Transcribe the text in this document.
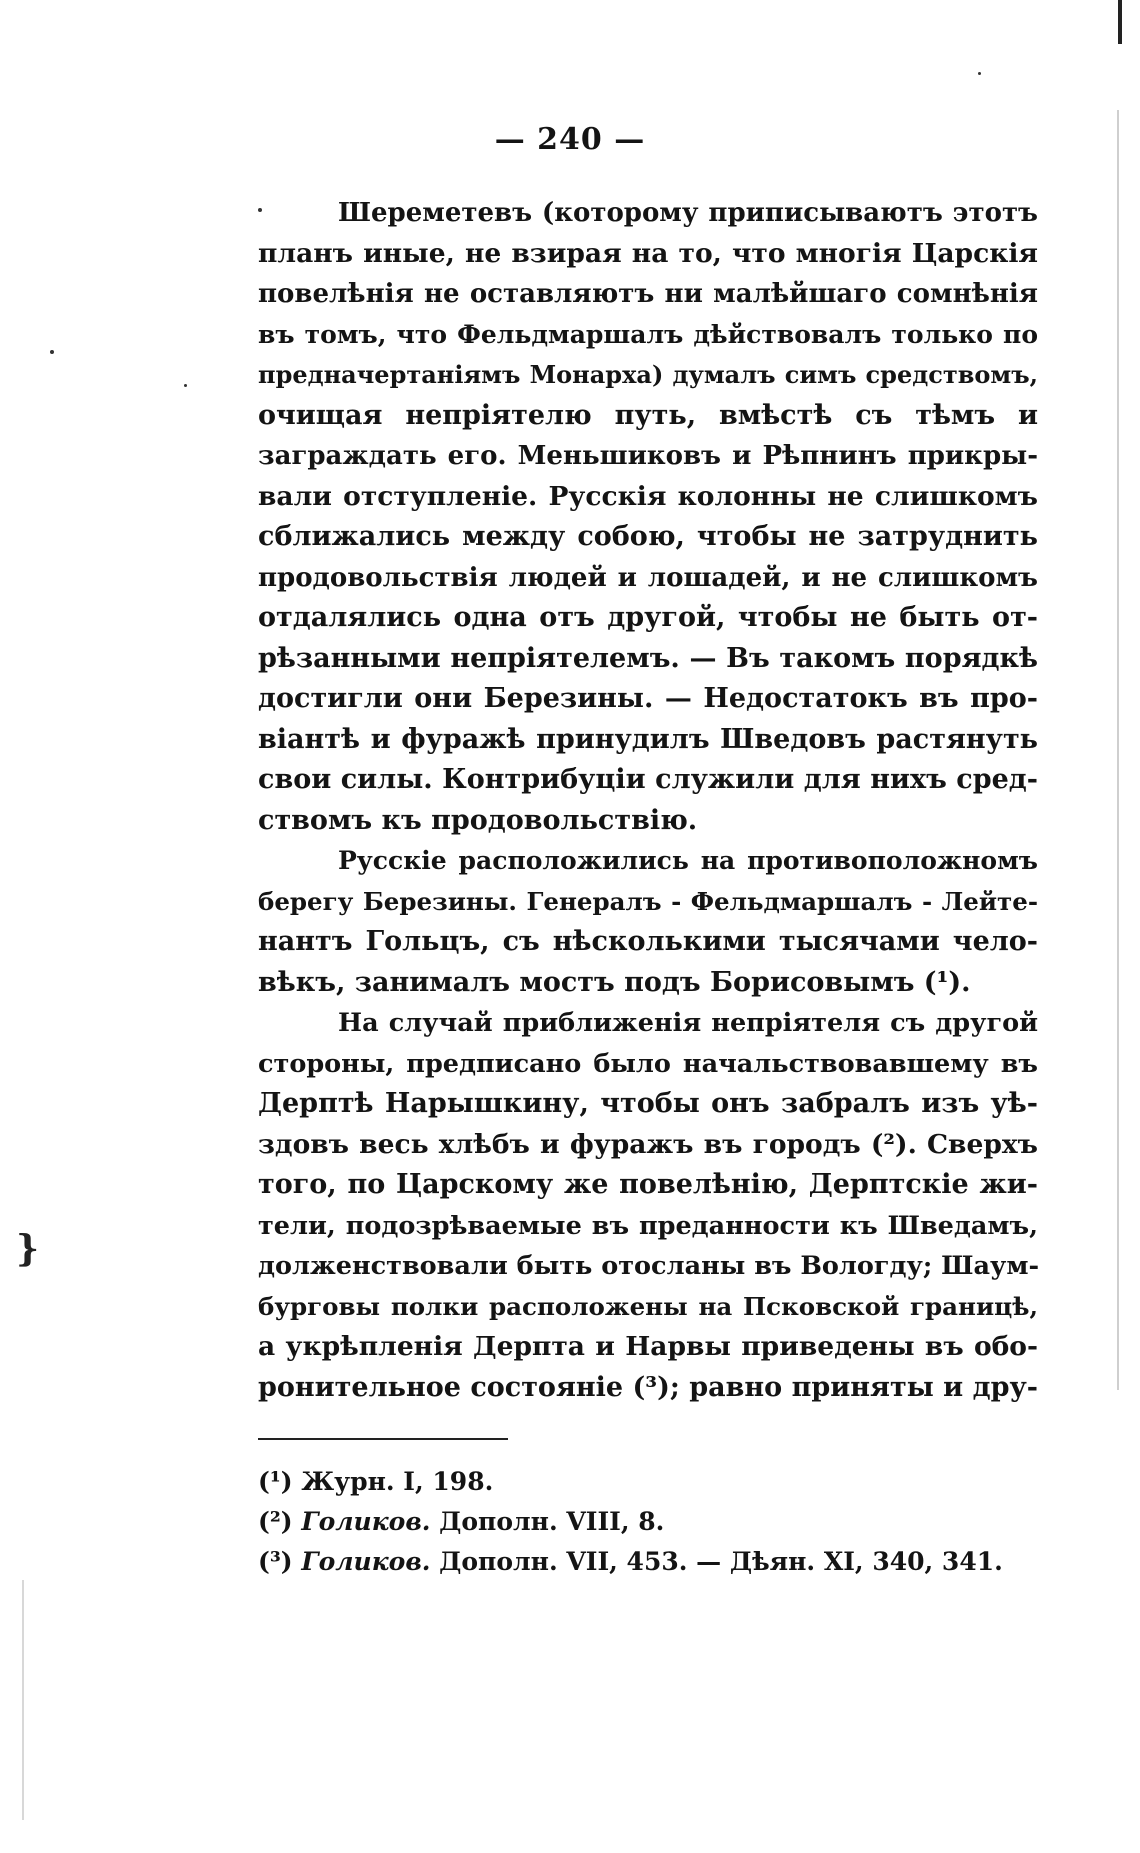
}
— 240 —
Шереметевъ (которому приписываютъ этотъ
планъ иные, не взирая на то, что многія Царскія
повелѣнія не оставляютъ ни малѣйшаго сомнѣнія
въ томъ, что Фельдмаршалъ дѣйствовалъ только по
предначертаніямъ Монарха) думалъ симъ средствомъ,
очищая непріятелю путь, вмѣстѣ съ тѣмъ и
заграждать его. Меньшиковъ и Рѣпнинъ прикры-
вали отступленіе. Русскія колонны не слишкомъ
сближались между собою, чтобы не затруднить
продовольствія людей и лошадей, и не слишкомъ
отдалялись одна отъ другой, чтобы не быть от-
рѣзанными непріятелемъ. — Въ такомъ порядкѣ
достигли они Березины. — Недостатокъ въ про-
віантѣ и фуражѣ принудилъ Шведовъ растянуть
свои силы. Контрибуціи служили для нихъ сред-
ствомъ къ продовольствію.
Русскіе расположились на противоположномъ
берегу Березины. Генералъ - Фельдмаршалъ - Лейте-
нантъ Гольцъ, съ нѣсколькими тысячами чело-
вѣкъ, занималъ мостъ подъ Борисовымъ (¹).
На случай приближенія непріятеля съ другой
стороны, предписано было начальствовавшему въ
Дерптѣ Нарышкину, чтобы онъ забралъ изъ уѣ-
здовъ весь хлѣбъ и фуражъ въ городъ (²). Сверхъ
того, по Царскому же повелѣнію, Дерптскіе жи-
тели, подозрѣваемые въ преданности къ Шведамъ,
долженствовали быть отосланы въ Вологду; Шаум-
бурговы полки расположены на Псковской границѣ,
а укрѣпленія Дерпта и Нарвы приведены въ обо-
ронительное состояніе (³); равно приняты и дру-
(¹) Журн. I, 198.
(²) Голиков. Дополн. VIII, 8.
(³) Голиков. Дополн. VII, 453. — Дѣян. XI, 340, 341.
